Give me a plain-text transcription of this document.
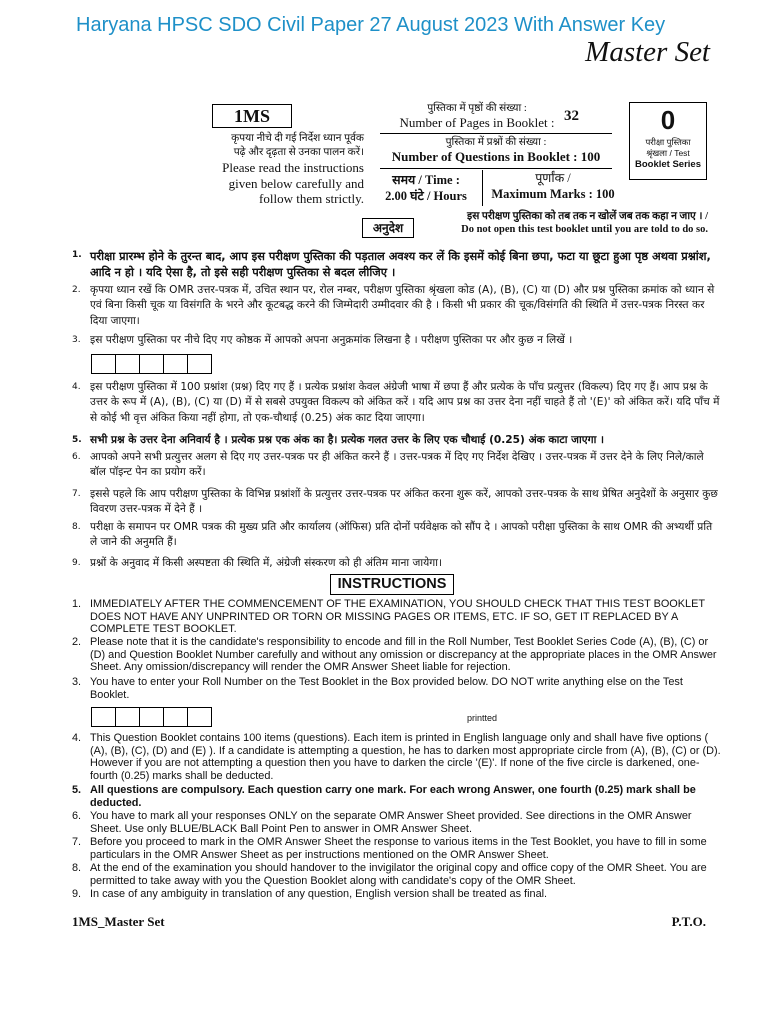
Haryana HPSC SDO Civil Paper 27 August 2023 With Answer Key
Master Set
1MS
कृपया नीचे दी गई निर्देश ध्यान पूर्वक
पढ़े और दृढ़ता से उनका पालन करें।
Please read the instructions
given below carefully and
follow them strictly.
पुस्तिका में पृष्ठों की संख्या :
Number of Pages in Booklet : 32
पुस्तिका में प्रश्नों की संख्या :
Number of Questions in Booklet : 100
समय / Time :
2.00 घंटे / Hours
पूर्णांक /
Maximum Marks : 100
0
परीक्षा पुस्तिका
श्रृंखला / Test
Booklet Series
इस परीक्षण पुस्तिका को तब तक न खोलें जब तक कहा न जाए । /
Do not open this test booklet until you are told to do so.
अनुदेश
1. परीक्षा प्रारम्भ होने के तुरन्त बाद, आप इस परीक्षण पुस्तिका की पड़ताल अवश्य कर लें कि इसमें कोई बिना छपा, फटा या छूटा हुआ पृष्ठ अथवा प्रश्नांश, आदि न हो । यदि ऐसा है, तो इसे सही परीक्षण पुस्तिका से बदल लीजिए ।
2. कृपया ध्यान रखें कि OMR उत्तर-पत्रक में, उचित स्थान पर, रोल नम्बर, परीक्षण पुस्तिका श्रृंखला कोड (A), (B), (C) या (D) और प्रश्न पुस्तिका क्रमांक को ध्यान से एवं बिना किसी चूक या विसंगति के भरने और कूटबद्ध करने की जिम्मेदारी उम्मीदवार की है । किसी भी प्रकार की चूक/विसंगति की स्थिति में उत्तर-पत्रक निरस्त कर दिया जाएगा।
3. इस परीक्षण पुस्तिका पर नीचे दिए गए कोष्ठक में आपको अपना अनुक्रमांक लिखना है । परीक्षण पुस्तिका पर और कुछ न लिखें ।
4. इस परीक्षण पुस्तिका में 100 प्रश्नांश (प्रश्न) दिए गए हैं । प्रत्येक प्रश्नांश केवल अंग्रेजी भाषा में छपा हैं और प्रत्येक के पाँच प्रत्युत्तर (विकल्प) दिए गए हैं। आप प्रश्न के उत्तर के रूप में (A), (B), (C) या (D) में से सबसे उपयुक्त विकल्प को अंकित करें । यदि आप प्रश्न का उत्तर देना नहीं चाहते हैं तो '(E)' को अंकित करें। यदि पाँच में से कोई भी वृत्त अंकित किया नहीं होगा, तो एक-चौथाई (0.25) अंक काट दिया जाएगा।
5. सभी प्रश्न के उत्तर देना अनिवार्य है । प्रत्येक प्रश्न एक अंक का है। प्रत्येक गलत उत्तर के लिए एक चौथाई (0.25) अंक काटा जाएगा ।
6. आपको अपने सभी प्रत्युत्तर अलग से दिए गए उत्तर-पत्रक पर ही अंकित करने हैं । उत्तर-पत्रक में दिए गए निर्देश देखिए । उत्तर-पत्रक में उत्तर देने के लिए निले/काले बॉल पॉइन्ट पेन का प्रयोग करें।
7. इससे पहले कि आप परीक्षण पुस्तिका के विभिन्न प्रश्नांशों के प्रत्युत्तर उत्तर-पत्रक पर अंकित करना शुरू करें, आपको उत्तर-पत्रक के साथ प्रेषित अनुदेशों के अनुसार कुछ विवरण उत्तर-पत्रक में देने हैं ।
8. परीक्षा के समापन पर OMR पत्रक की मुख्य प्रति और कार्यालय (ऑफिस) प्रति दोनों पर्यवेक्षक को सौंप दे । आपको परीक्षा पुस्तिका के साथ OMR की अभ्यर्थी प्रति ले जाने की अनुमति हैं।
9. प्रश्नों के अनुवाद में किसी अस्पष्टता की स्थिति में, अंग्रेजी संस्करण को ही अंतिम माना जायेगा।
INSTRUCTIONS
1. IMMEDIATELY AFTER THE COMMENCEMENT OF THE EXAMINATION, YOU SHOULD CHECK THAT THIS TEST BOOKLET DOES NOT HAVE ANY UNPRINTED OR TORN OR MISSING PAGES OR ITEMS, ETC. IF SO, GET IT REPLACED BY A COMPLETE TEST BOOKLET.
2. Please note that it is the candidate's responsibility to encode and fill in the Roll Number, Test Booklet Series Code (A), (B), (C) or (D) and Question Booklet Number carefully and without any omission or discrepancy at the appropriate places in the OMR Answer Sheet. Any omission/discrepancy will render the OMR Answer Sheet liable for rejection.
3. You have to enter your Roll Number on the Test Booklet in the Box provided below. DO NOT write anything else on the Test Booklet.
printted
4. This Question Booklet contains 100 items (questions). Each item is printed in English language only and shall have five options ( (A), (B), (C), (D) and (E) ). If a candidate is attempting a question, he has to darken most appropriate circle from (A), (B), (C) or (D). However if you are not attempting a question then you have to darken the circle '(E)'. If none of the five circle is darkened, one-fourth (0.25) marks shall be deducted.
5. All questions are compulsory. Each question carry one mark. For each wrong Answer, one fourth (0.25) mark shall be deducted.
6. You have to mark all your responses ONLY on the separate OMR Answer Sheet provided. See directions in the OMR Answer Sheet. Use only BLUE/BLACK Ball Point Pen to answer in OMR Answer Sheet.
7. Before you proceed to mark in the OMR Answer Sheet the response to various items in the Test Booklet, you have to fill in some particulars in the OMR Answer Sheet as per instructions mentioned on the OMR Answer Sheet.
8. At the end of the examination you should handover to the invigilator the original copy and office copy of the OMR Sheet. You are permitted to take away with you the Question Booklet along with candidate's copy of the OMR Sheet.
9. In case of any ambiguity in translation of any question, English version shall be treated as final.
1MS_Master Set	P.T.O.
